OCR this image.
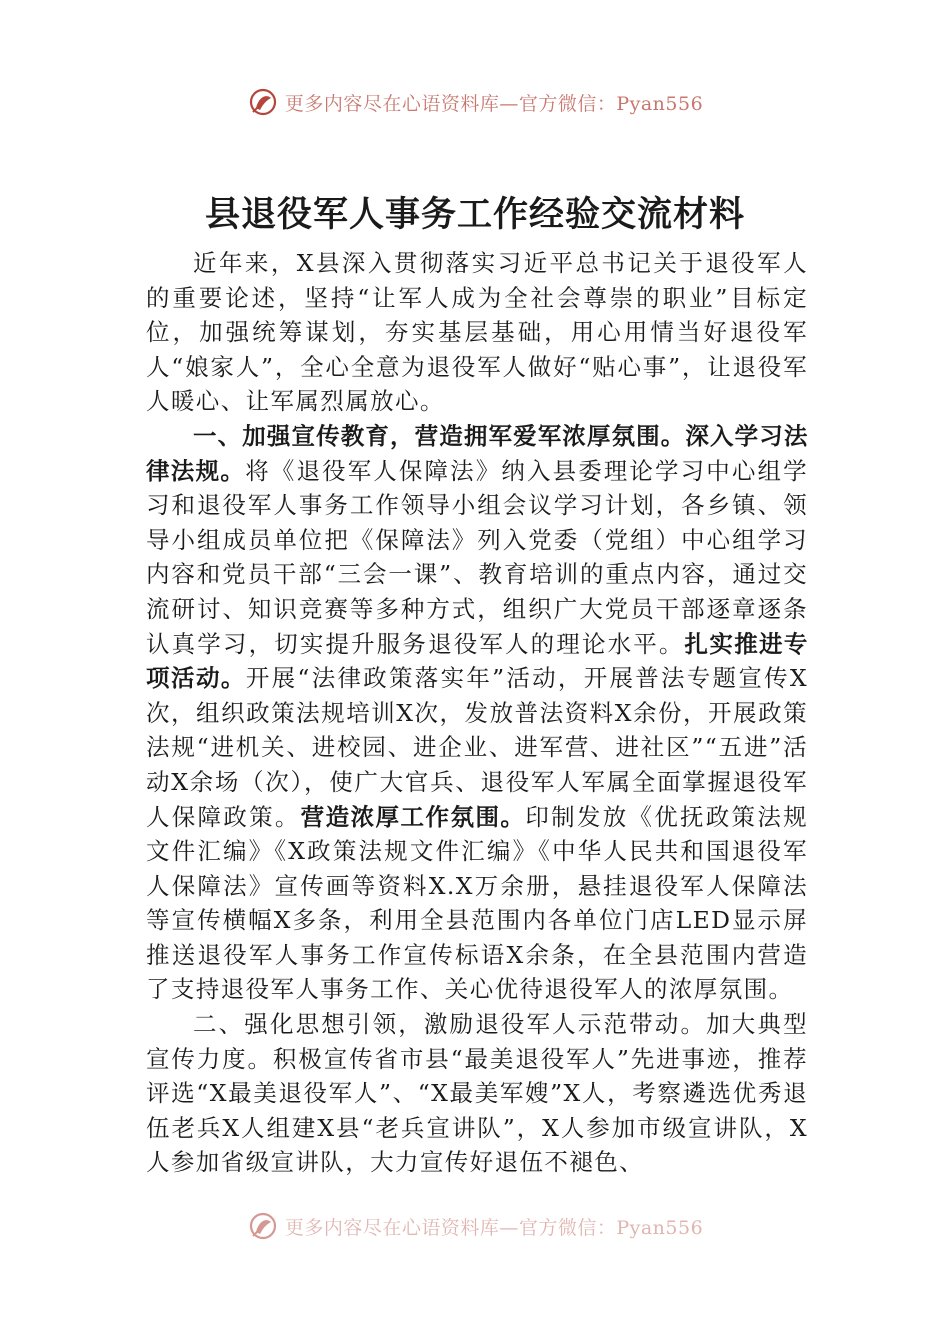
更多内容尽在心语资料库—官方微信：Pyan556
县退役军人事务工作经验交流材料

近年来，X县深入贯彻落实习近平总书记关于退役军人的重要论述，坚持“让军人成为全社会尊崇的职业”目标定位，加强统筹谋划，夯实基层基础，用心用情当好退役军人“娘家人”，全心全意为退役军人做好“贴心事”，让退役军人暖心、让军属烈属放心。

一、加强宣传教育，营造拥军爱军浓厚氛围。深入学习法律法规。将《退役军人保障法》纳入县委理论学习中心组学习和退役军人事务工作领导小组会议学习计划，各乡镇、领导小组成员单位把《保障法》列入党委（党组）中心组学习内容和党员干部“三会一课”、教育培训的重点内容，通过交流研讨、知识竞赛等多种方式，组织广大党员干部逐章逐条认真学习，切实提升服务退役军人的理论水平。扎实推进专项活动。开展“法律政策落实年”活动，开展普法专题宣传X次，组织政策法规培训X次，发放普法资料X余份，开展政策法规“进机关、进校园、进企业、进军营、进社区”“五进”活动X余场（次），使广大官兵、退役军人军属全面掌握退役军人保障政策。营造浓厚工作氛围。印制发放《优抚政策法规文件汇编》《X政策法规文件汇编》《中华人民共和国退役军人保障法》宣传画等资料X.X万余册，悬挂退役军人保障法等宣传横幅X多条，利用全县范围内各单位门店LED显示屏推送退役军人事务工作宣传标语X余条，在全县范围内营造了支持退役军人事务工作、关心优待退役军人的浓厚氛围。

二、强化思想引领，激励退役军人示范带动。加大典型宣传力度。积极宣传省市县“最美退役军人”先进事迹，推荐评选“X最美退役军人”、“X最美军嫂”X人，考察遴选优秀退伍老兵X人组建X县“老兵宣讲队”，X人参加市级宣讲队，X人参加省级宣讲队，大力宣传好退伍不褪色、

更多内容尽在心语资料库—官方微信：Pyan556
